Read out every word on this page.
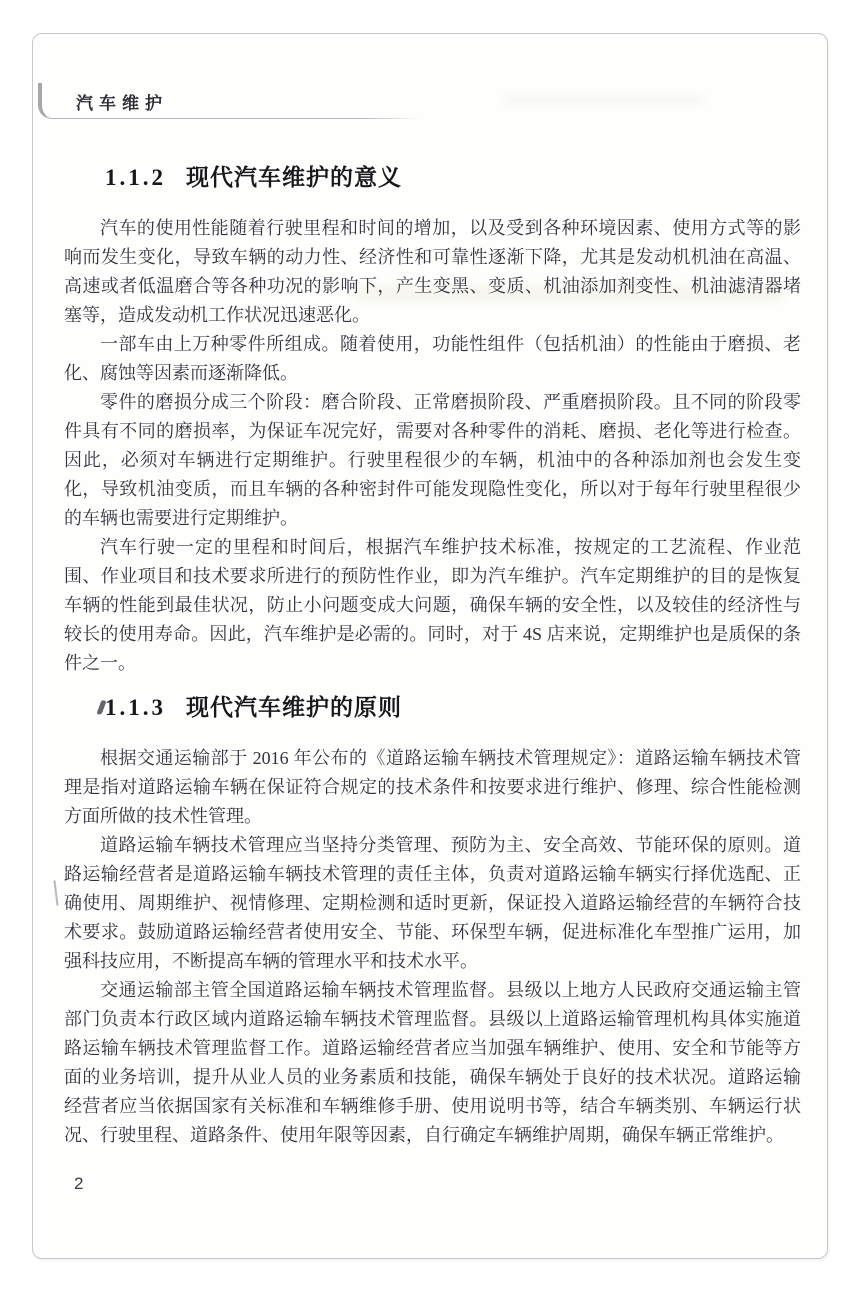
汽车维护
1.1.2 现代汽车维护的意义

汽车的使用性能随着行驶里程和时间的增加，以及受到各种环境因素、使用方式等的影响而发生变化，导致车辆的动力性、经济性和可靠性逐渐下降，尤其是发动机机油在高温、高速或者低温磨合等各种功况的影响下，产生变黑、变质、机油添加剂变性、机油滤清器堵塞等，造成发动机工作状况迅速恶化。

一部车由上万种零件所组成。随着使用，功能性组件（包括机油）的性能由于磨损、老化、腐蚀等因素而逐渐降低。

零件的磨损分成三个阶段：磨合阶段、正常磨损阶段、严重磨损阶段。且不同的阶段零件具有不同的磨损率，为保证车况完好，需要对各种零件的消耗、磨损、老化等进行检查。因此，必须对车辆进行定期维护。行驶里程很少的车辆，机油中的各种添加剂也会发生变化，导致机油变质，而且车辆的各种密封件可能发现隐性变化，所以对于每年行驶里程很少的车辆也需要进行定期维护。

汽车行驶一定的里程和时间后，根据汽车维护技术标准，按规定的工艺流程、作业范围、作业项目和技术要求所进行的预防性作业，即为汽车维护。汽车定期维护的目的是恢复车辆的性能到最佳状况，防止小问题变成大问题，确保车辆的安全性，以及较佳的经济性与较长的使用寿命。因此，汽车维护是必需的。同时，对于 4S 店来说，定期维护也是质保的条件之一。

1.1.3 现代汽车维护的原则

根据交通运输部于 2016 年公布的《道路运输车辆技术管理规定》：道路运输车辆技术管理是指对道路运输车辆在保证符合规定的技术条件和按要求进行维护、修理、综合性能检测方面所做的技术性管理。

道路运输车辆技术管理应当坚持分类管理、预防为主、安全高效、节能环保的原则。道路运输经营者是道路运输车辆技术管理的责任主体，负责对道路运输车辆实行择优选配、正确使用、周期维护、视情修理、定期检测和适时更新，保证投入道路运输经营的车辆符合技术要求。鼓励道路运输经营者使用安全、节能、环保型车辆，促进标准化车型推广运用，加强科技应用，不断提高车辆的管理水平和技术水平。

交通运输部主管全国道路运输车辆技术管理监督。县级以上地方人民政府交通运输主管部门负责本行政区域内道路运输车辆技术管理监督。县级以上道路运输管理机构具体实施道路运输车辆技术管理监督工作。道路运输经营者应当加强车辆维护、使用、安全和节能等方面的业务培训，提升从业人员的业务素质和技能，确保车辆处于良好的技术状况。道路运输经营者应当依据国家有关标准和车辆维修手册、使用说明书等，结合车辆类别、车辆运行状况、行驶里程、道路条件、使用年限等因素，自行确定车辆维护周期，确保车辆正常维护。

2
